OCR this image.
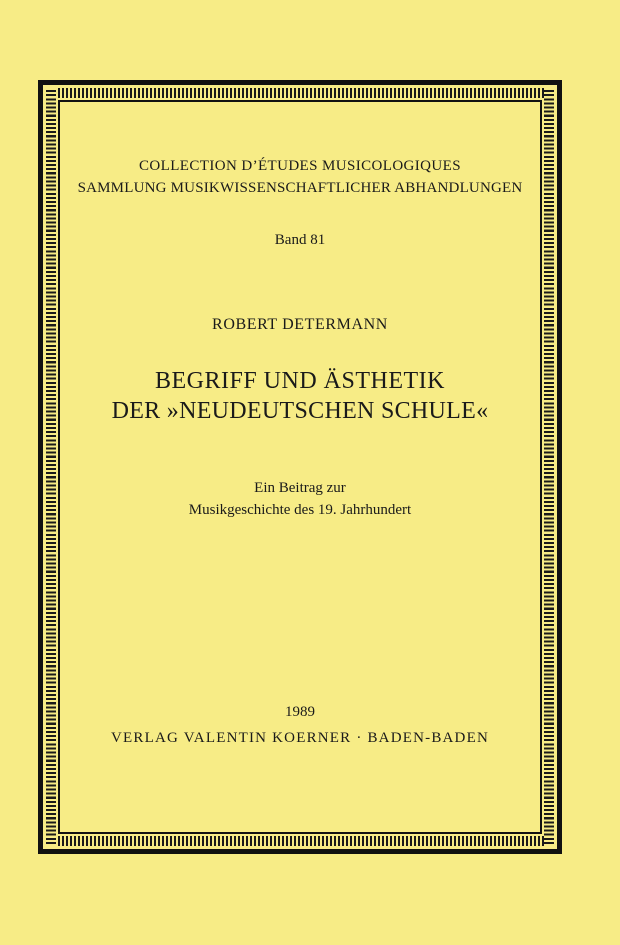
COLLECTION D’ÉTUDES MUSICOLOGIQUES

SAMMLUNG MUSIKWISSENSCHAFTLICHER ABHANDLUNGEN

Band 81

ROBERT DETERMANN

BEGRIFF UND ÄSTHETIK

DER »NEUDEUTSCHEN SCHULE«

Ein Beitrag zur

Musikgeschichte des 19. Jahrhundert

1989

VERLAG VALENTIN KOERNER · BADEN-BADEN
